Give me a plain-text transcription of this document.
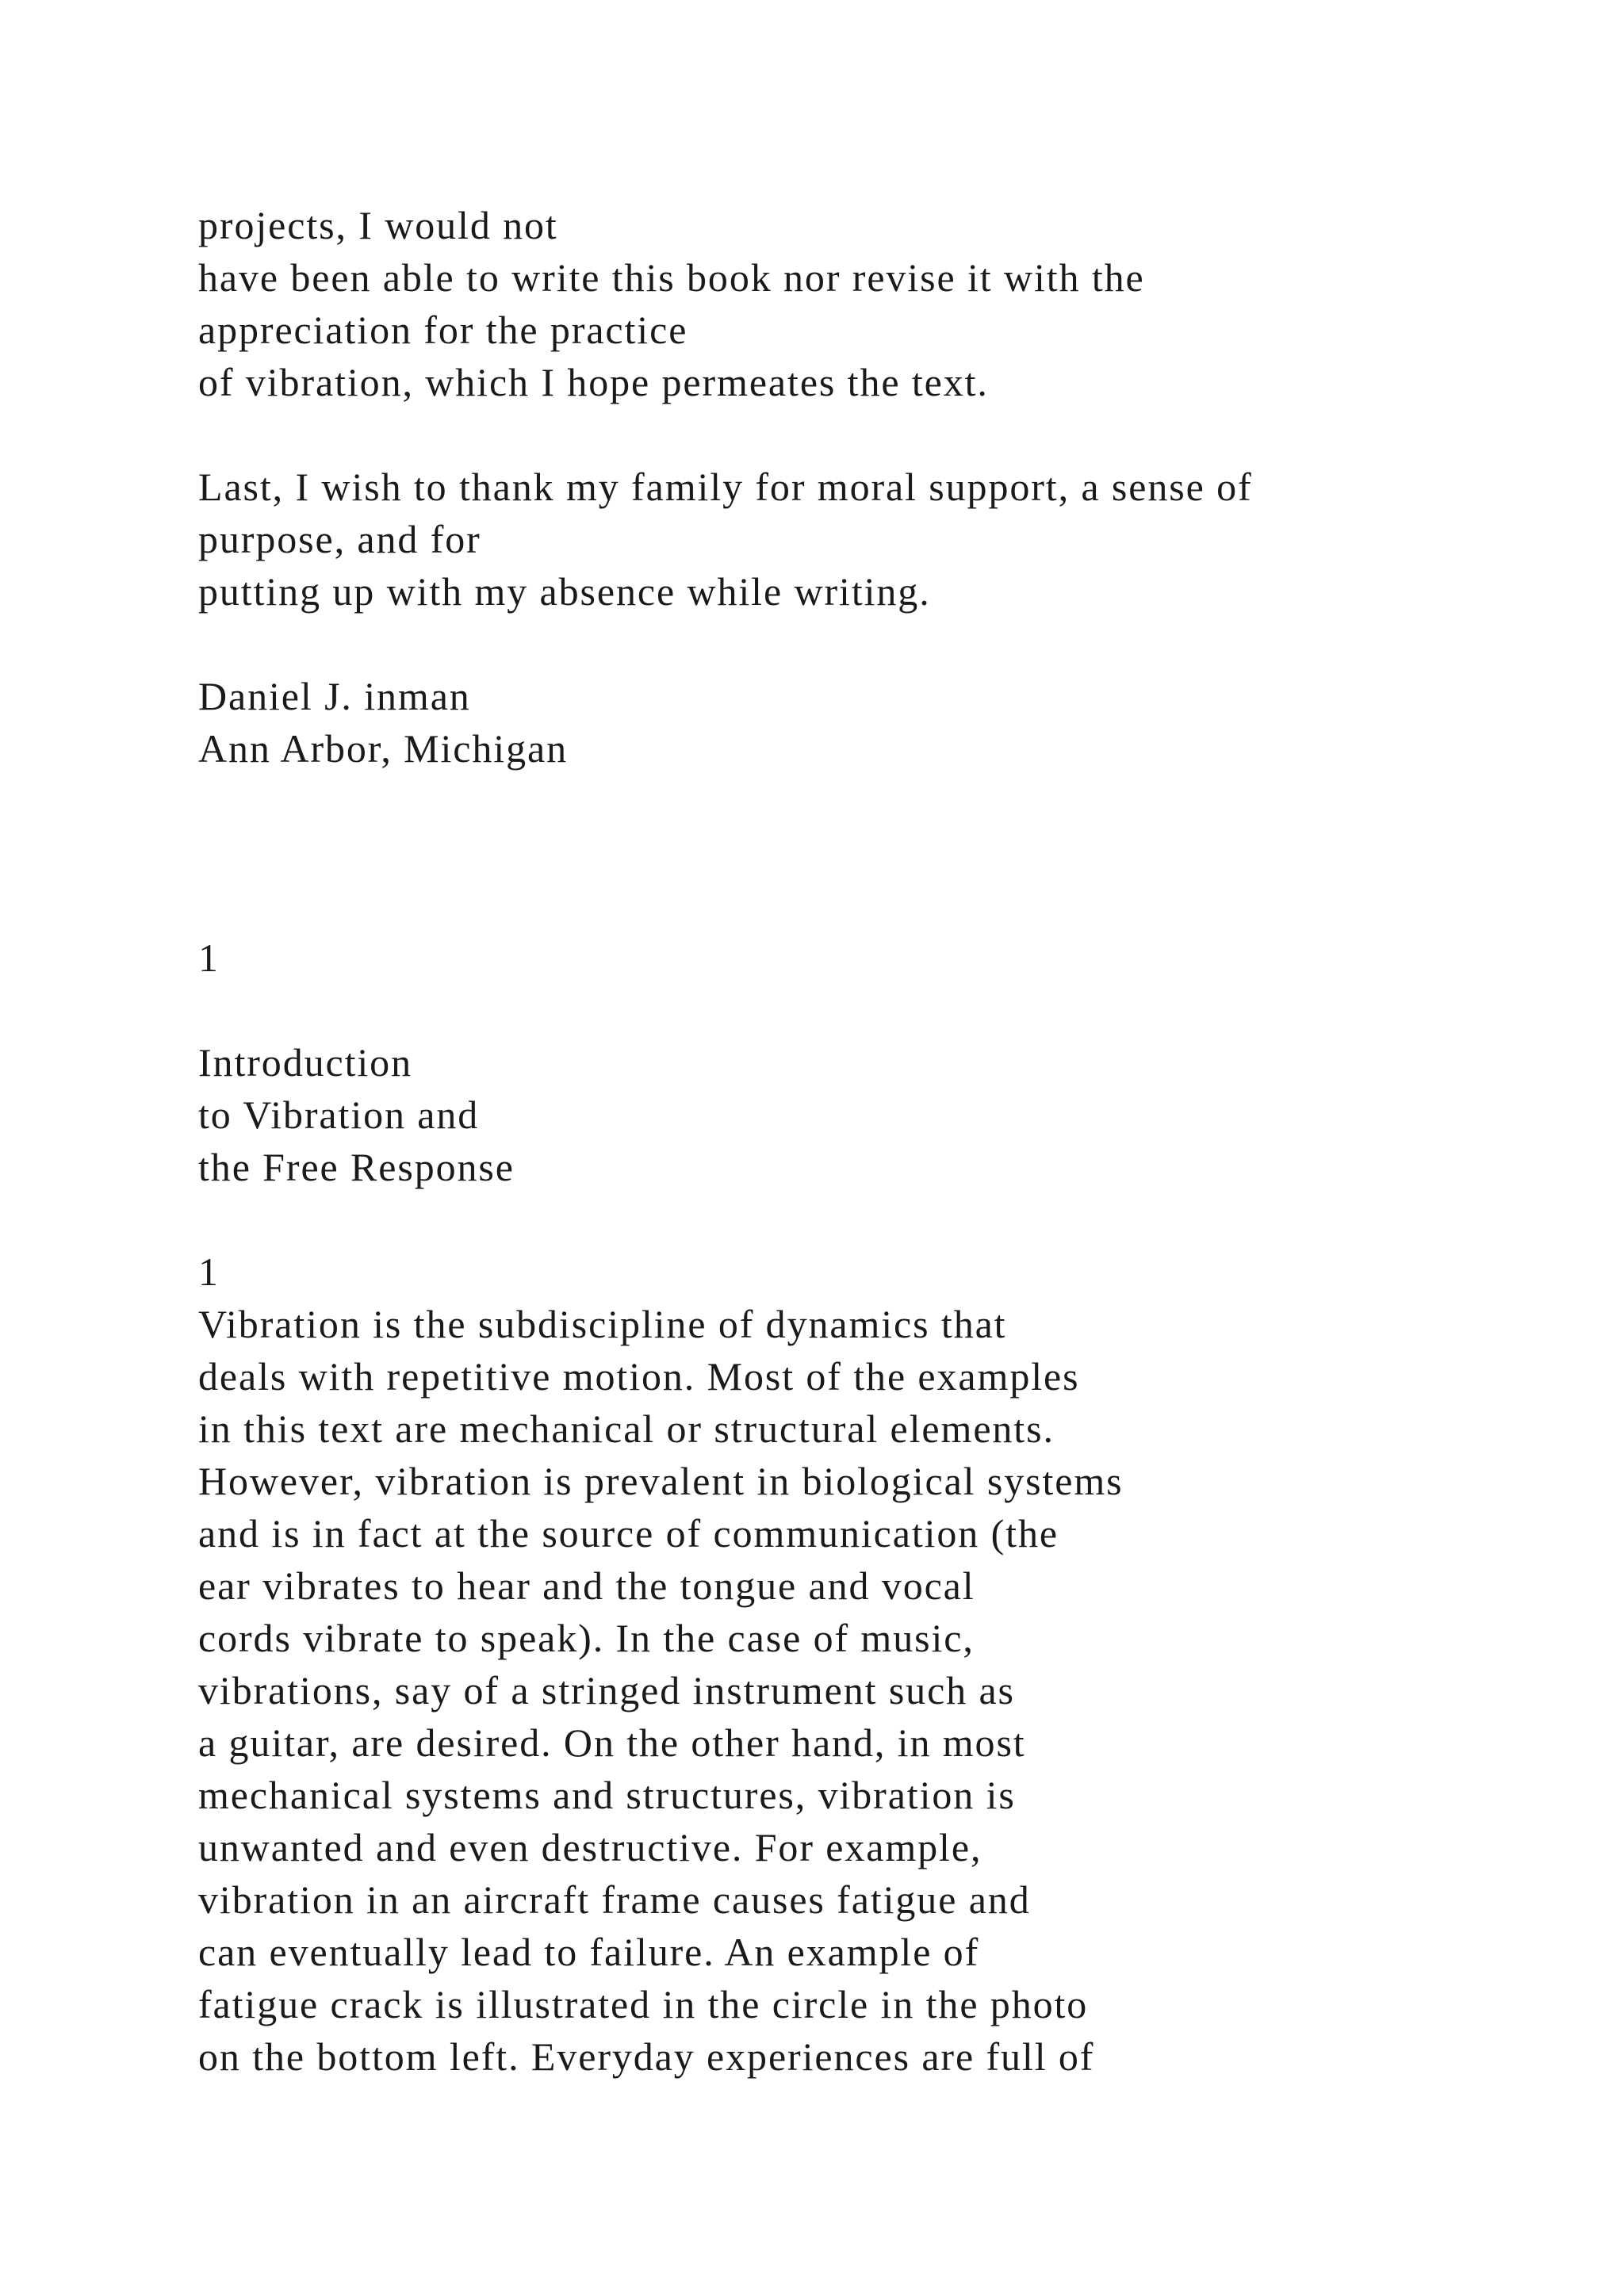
projects, I would not
have been able to write this book nor revise it with the
appreciation for the practice
of vibration, which I hope permeates the text.
Last, I wish to thank my family for moral support, a sense of
purpose, and for
putting up with my absence while writing.
Daniel J. inman
Ann Arbor, Michigan
1
Introduction
to Vibration and
the Free Response
1
Vibration is the subdiscipline of dynamics that
deals with repetitive motion. Most of the examples
in this text are mechanical or structural elements.
However, vibration is prevalent in biological systems
and is in fact at the source of communication (the
ear vibrates to hear and the tongue and vocal
cords vibrate to speak). In the case of music,
vibrations, say of a stringed instrument such as
a guitar, are desired. On the other hand, in most
mechanical systems and structures, vibration is
unwanted and even destructive. For example,
vibration in an aircraft frame causes fatigue and
can eventually lead to failure. An example of
fatigue crack is illustrated in the circle in the photo
on the bottom left. Everyday experiences are full of
